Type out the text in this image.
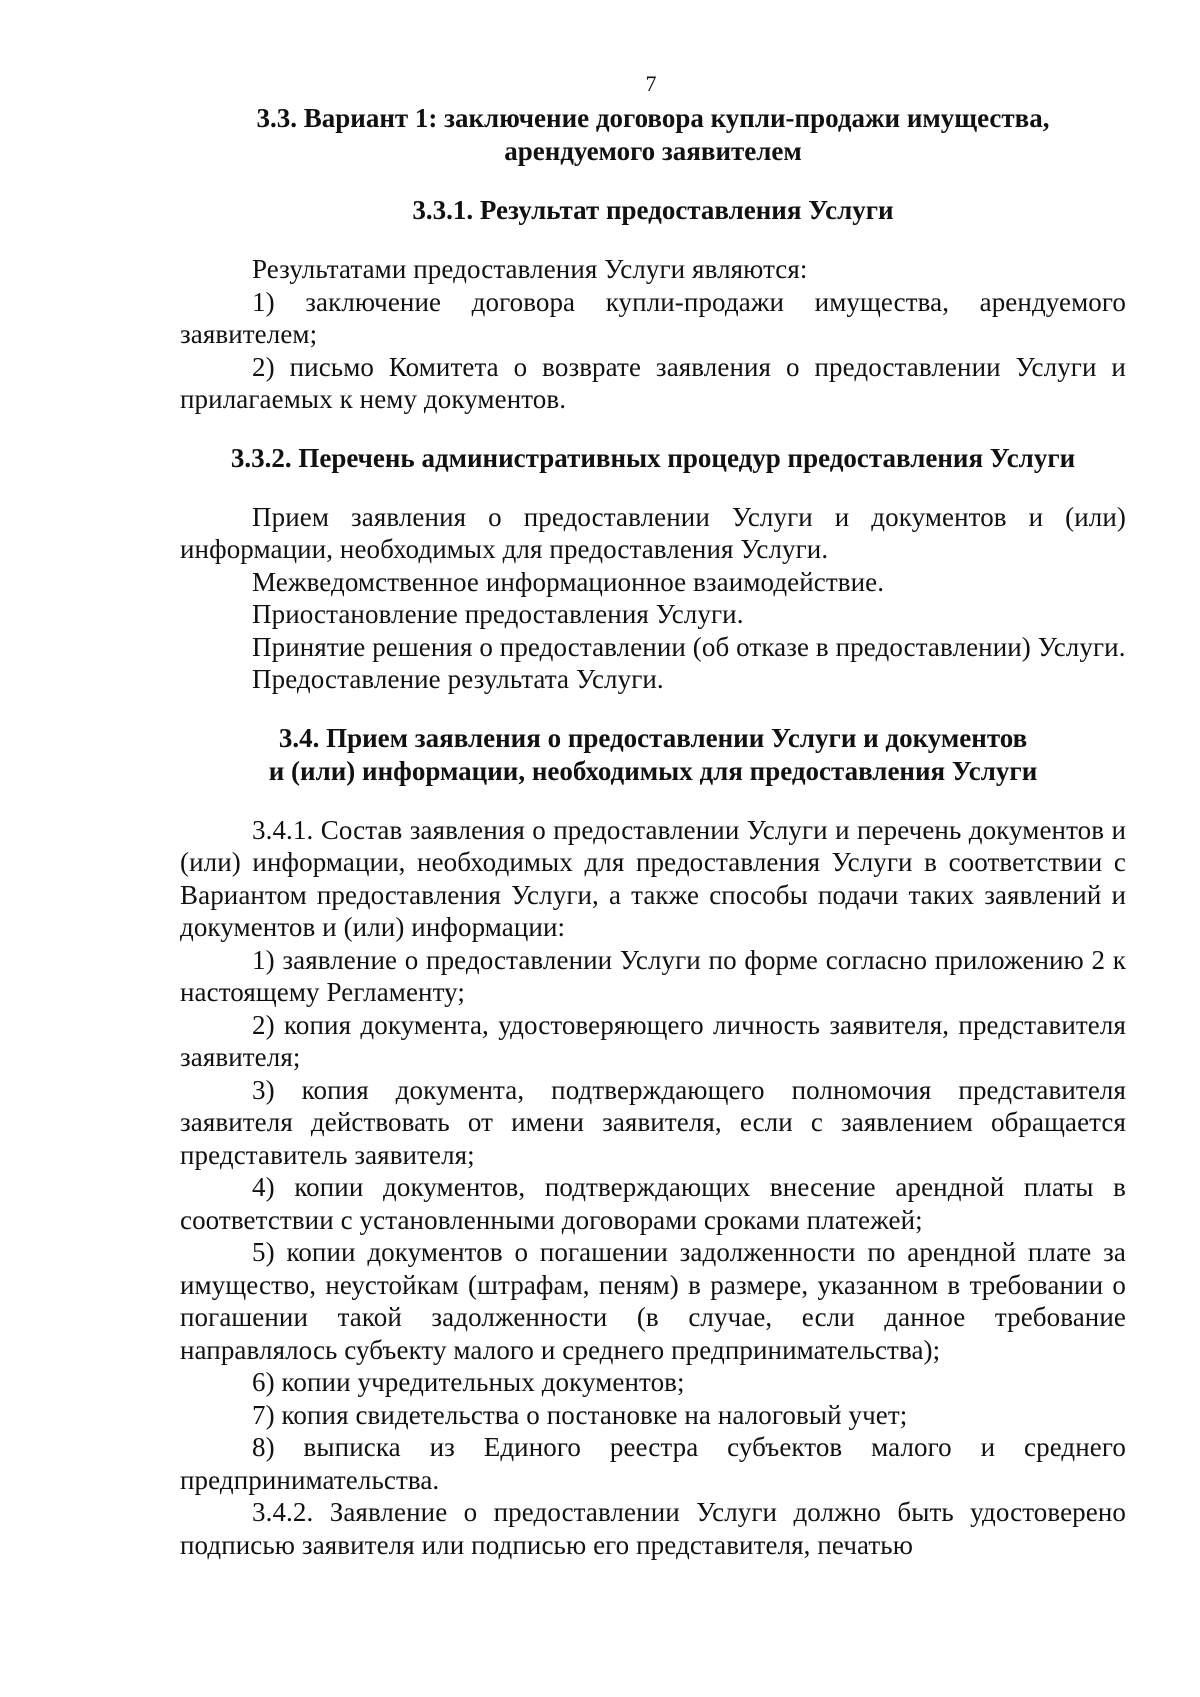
7
3.3. Вариант 1: заключение договора купли-продажи имущества,
арендуемого заявителем
3.3.1. Результат предоставления Услуги

Результатами предоставления Услуги являются:

1) заключение договора купли-продажи имущества, арендуемого заявителем;

2) письмо Комитета о возврате заявления о предоставлении Услуги и прилагаемых к нему документов.

3.3.2. Перечень административных процедур предоставления Услуги

Прием заявления о предоставлении Услуги и документов и (или) информации, необходимых для предоставления Услуги.

Межведомственное информационное взаимодействие.

Приостановление предоставления Услуги.

Принятие решения о предоставлении (об отказе в предоставлении) Услуги.

Предоставление результата Услуги.

3.4. Прием заявления о предоставлении Услуги и документов
и (или) информации, необходимых для предоставления Услуги

3.4.1. Состав заявления о предоставлении Услуги и перечень документов и (или) информации, необходимых для предоставления Услуги в соответствии с Вариантом предоставления Услуги, а также способы подачи таких заявлений и документов и (или) информации:

1) заявление о предоставлении Услуги по форме согласно приложению 2 к настоящему Регламенту;

2) копия документа, удостоверяющего личность заявителя, представителя заявителя;

3) копия документа, подтверждающего полномочия представителя заявителя действовать от имени заявителя, если с заявлением обращается представитель заявителя;

4) копии документов, подтверждающих внесение арендной платы в соответствии с установленными договорами сроками платежей;

5) копии документов о погашении задолженности по арендной плате за имущество, неустойкам (штрафам, пеням) в размере, указанном в требовании о погашении такой задолженности (в случае, если данное требование направлялось субъекту малого и среднего предпринимательства);

6) копии учредительных документов;

7) копия свидетельства о постановке на налоговый учет;

8) выписка из Единого реестра субъектов малого и среднего предпринимательства.

3.4.2. Заявление о предоставлении Услуги должно быть удостоверено подписью заявителя или подписью его представителя, печатью
